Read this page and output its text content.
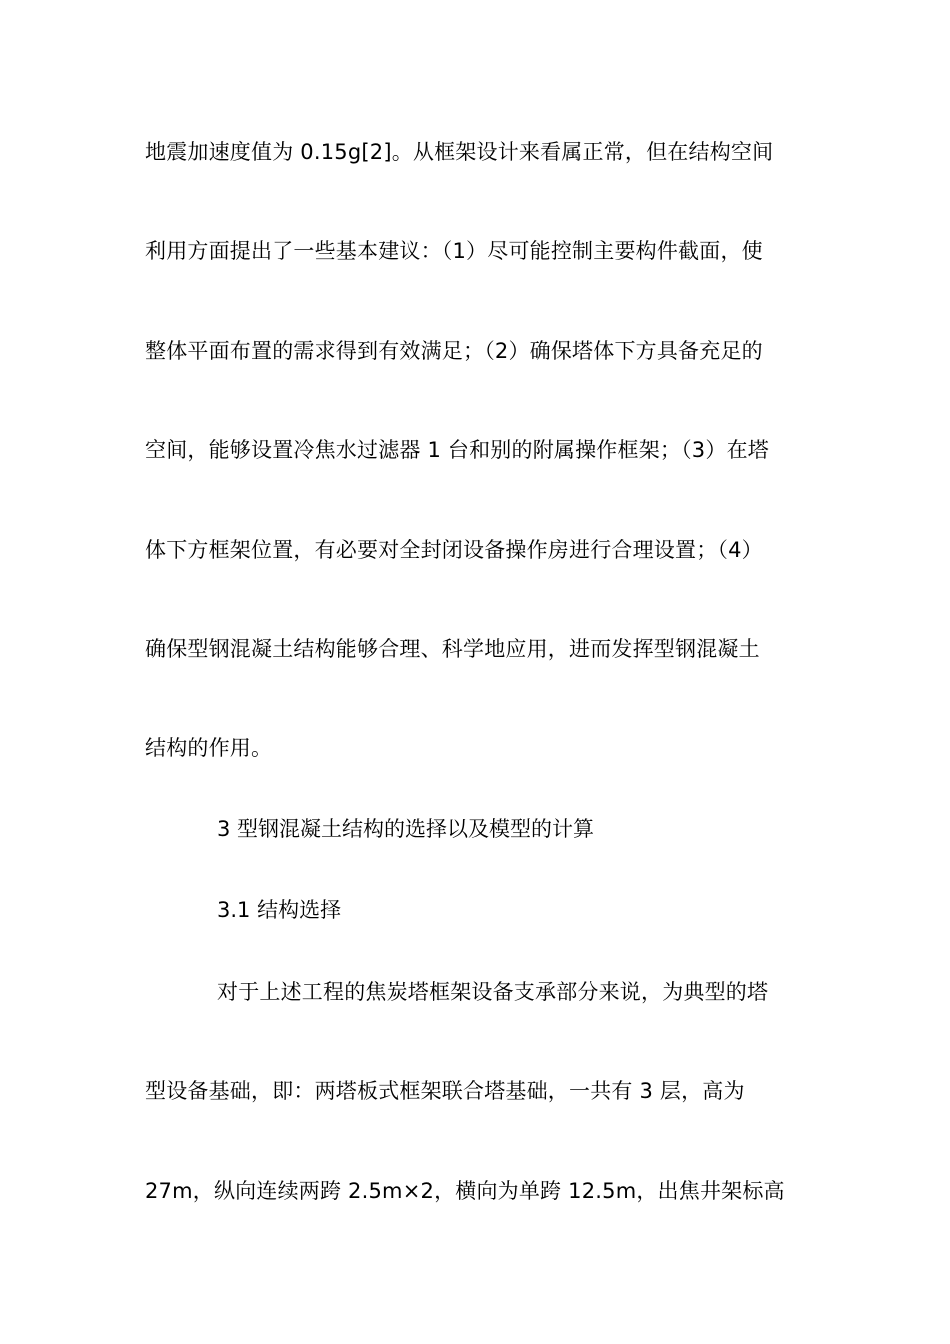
地震加速度值为 0.15g[2]。从框架设计来看属正常，但在结构空间
利用方面提出了一些基本建议：（1）尽可能控制主要构件截面，使
整体平面布置的需求得到有效满足；（2）确保塔体下方具备充足的
空间，能够设置冷焦水过滤器 1 台和别的附属操作框架；（3）在塔
体下方框架位置，有必要对全封闭设备操作房进行合理设置；（4）
确保型钢混凝土结构能够合理、科学地应用，进而发挥型钢混凝土
结构的作用。
3 型钢混凝土结构的选择以及模型的计算
3.1 结构选择
对于上述工程的焦炭塔框架设备支承部分来说，为典型的塔
型设备基础，即：两塔板式框架联合塔基础，一共有 3 层，高为
27m，纵向连续两跨 2.5m×2，横向为单跨 12.5m，出焦井架标高
